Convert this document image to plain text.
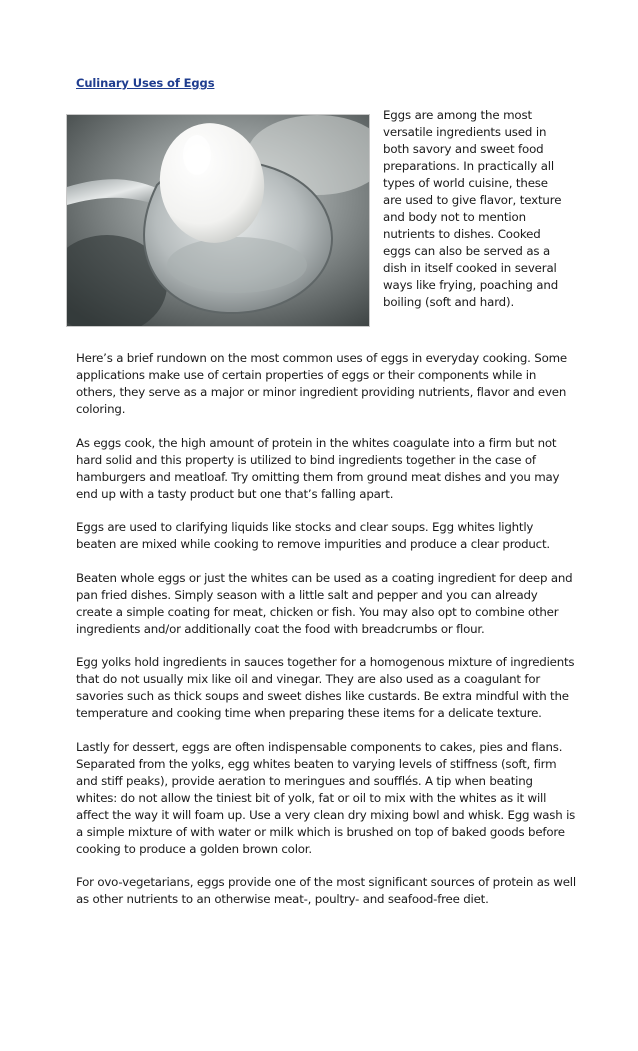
Culinary Uses of Eggs

Eggs are among the most versatile ingredients used in both savory and sweet food preparations. In practically all types of world cuisine, these are used to give flavor, texture and body not to mention nutrients to dishes. Cooked eggs can also be served as a dish in itself cooked in several ways like frying, poaching and boiling (soft and hard).

Here’s a brief rundown on the most common uses of eggs in everyday cooking. Some applications make use of certain properties of eggs or their components while in others, they serve as a major or minor ingredient providing nutrients, flavor and even coloring.

As eggs cook, the high amount of protein in the whites coagulate into a firm but not hard solid and this property is utilized to bind ingredients together in the case of hamburgers and meatloaf. Try omitting them from ground meat dishes and you may end up with a tasty product but one that’s falling apart.

Eggs are used to clarifying liquids like stocks and clear soups. Egg whites lightly beaten are mixed while cooking to remove impurities and produce a clear product.

Beaten whole eggs or just the whites can be used as a coating ingredient for deep and pan fried dishes. Simply season with a little salt and pepper and you can already create a simple coating for meat, chicken or fish. You may also opt to combine other ingredients and/or additionally coat the food with breadcrumbs or flour.

Egg yolks hold ingredients in sauces together for a homogenous mixture of ingredients that do not usually mix like oil and vinegar. They are also used as a coagulant for savories such as thick soups and sweet dishes like custards. Be extra mindful with the temperature and cooking time when preparing these items for a delicate texture.

Lastly for dessert, eggs are often indispensable components to cakes, pies and flans. Separated from the yolks, egg whites beaten to varying levels of stiffness (soft, firm and stiff peaks), provide aeration to meringues and soufflés. A tip when beating whites: do not allow the tiniest bit of yolk, fat or oil to mix with the whites as it will affect the way it will foam up. Use a very clean dry mixing bowl and whisk. Egg wash is a simple mixture of with water or milk which is brushed on top of baked goods before cooking to produce a golden brown color.

For ovo-vegetarians, eggs provide one of the most significant sources of protein as well as other nutrients to an otherwise meat-, poultry- and seafood-free diet.
